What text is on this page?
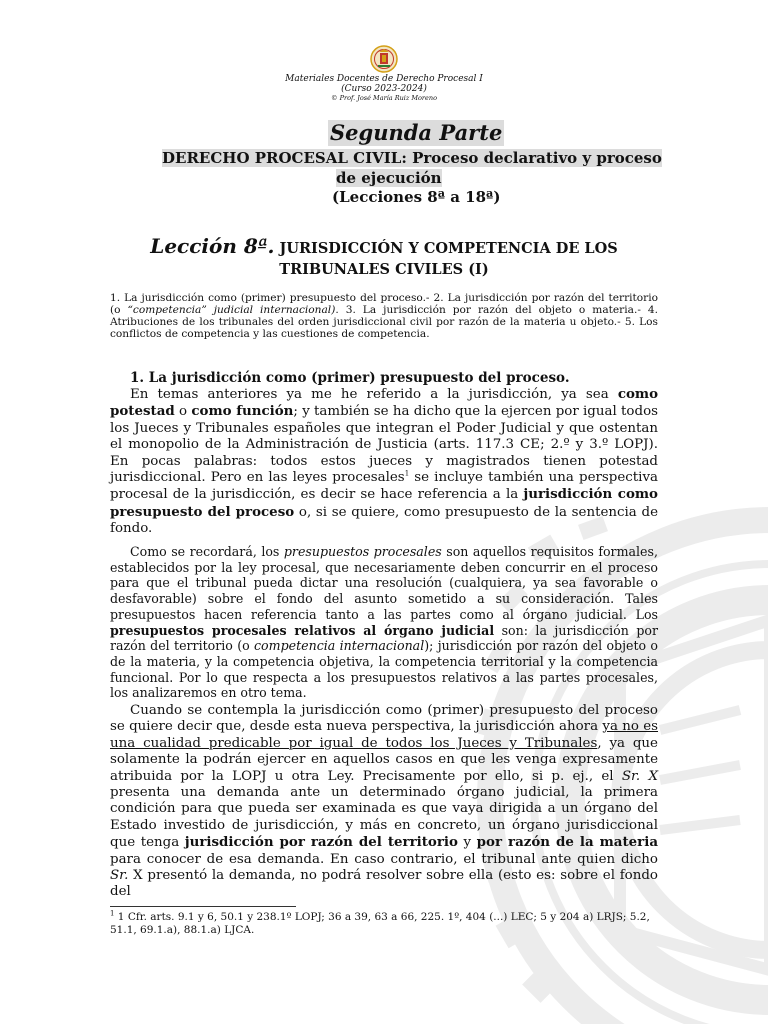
Materiales Docentes de Derecho Procesal I
(Curso 2023-2024)
© Prof. José María Ruiz Moreno
Segunda Parte
DERECHO PROCESAL CIVIL: Proceso declarativo y proceso
de ejecución
(Lecciones 8ª a 18ª)
Lección 8ª. JURISDICCIÓN Y COMPETENCIA DE LOS TRIBUNALES CIVILES (I)
1. La jurisdicción como (primer) presupuesto del proceso.- 2. La jurisdicción por razón del territorio (o “competencia” judicial internacional). 3. La jurisdicción por razón del objeto o materia.- 4. Atribuciones de los tribunales del orden jurisdiccional civil por razón de la materia u objeto.- 5. Los conflictos de competencia y las cuestiones de competencia.
1. La jurisdicción como (primer) presupuesto del proceso.
En temas anteriores ya me he referido a la jurisdicción, ya sea como potestad o como función; y también se ha dicho que la ejercen por igual todos los Jueces y Tribunales españoles que integran el Poder Judicial y que ostentan el monopolio de la Administración de Justicia (arts. 117.3 CE; 2.º y 3.º LOPJ). En pocas palabras: todos estos jueces y magistrados tienen potestad jurisdiccional. Pero en las leyes procesales$^1$ se incluye también una perspectiva procesal de la jurisdicción, es decir se hace referencia a la jurisdicción como presupuesto del proceso o, si se quiere, como presupuesto de la sentencia de fondo.
Como se recordará, los presupuestos procesales son aquellos requisitos formales, establecidos por la ley procesal, que necesariamente deben concurrir en el proceso para que el tribunal pueda dictar una resolución (cualquiera, ya sea favorable o desfavorable) sobre el fondo del asunto sometido a su consideración. Tales presupuestos hacen referencia tanto a las partes como al órgano judicial. Los presupuestos procesales relativos al órgano judicial son: la jurisdicción por razón del territorio (o competencia internacional); jurisdicción por razón del objeto o de la materia, y la competencia objetiva, la competencia territorial y la competencia funcional. Por lo que respecta a los presupuestos relativos a las partes procesales, los analizaremos en otro tema.
Cuando se contempla la jurisdicción como (primer) presupuesto del proceso se quiere decir que, desde esta nueva perspectiva, la jurisdicción ahora ya no es una cualidad predicable por igual de todos los Jueces y Tribunales, ya que solamente la podrán ejercer en aquellos casos en que les venga expresamente atribuida por la LOPJ u otra Ley. Precisamente por ello, si p. ej., el Sr. X presenta una demanda ante un determinado órgano judicial, la primera condición para que pueda ser examinada es que vaya dirigida a un órgano del Estado investido de jurisdicción, y más en concreto, un órgano jurisdiccional que tenga jurisdicción por razón del territorio y por razón de la materia para conocer de esa demanda. En caso contrario, el tribunal ante quien dicho Sr. X presentó la demanda, no podrá resolver sobre ella (esto es: sobre el fondo del
$^1$ 1 Cfr. arts. 9.1 y 6, 50.1 y 238.1º LOPJ; 36 a 39, 63 a 66, 225. 1º, 404 (...) LEC; 5 y 204 a) LRJS; 5.2, 51.1, 69.1.a), 88.1.a) LJCA.
